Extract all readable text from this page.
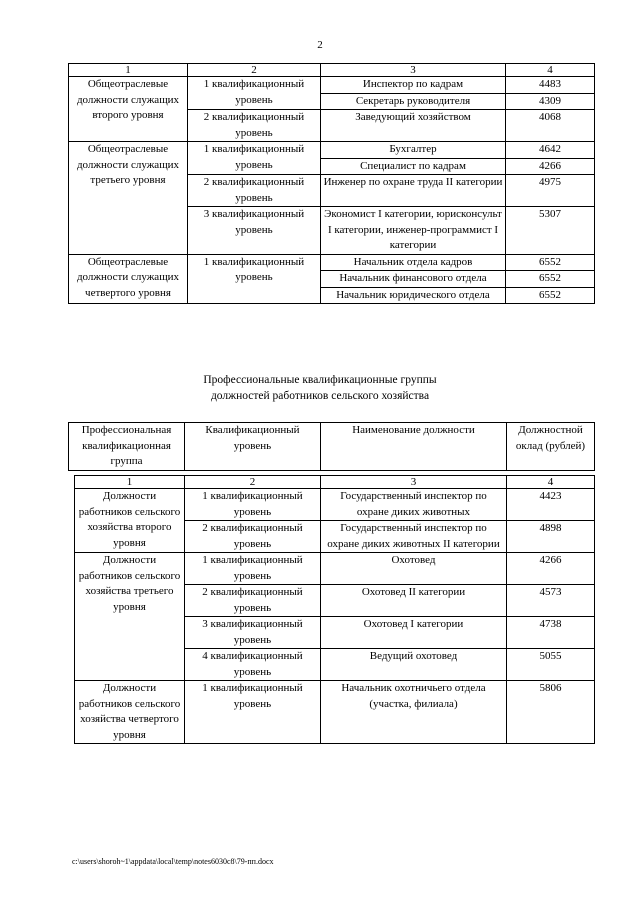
2
1	2	3	4
Общеотраслевые должности служащих второго уровня	1 квалификационный уровень	Инспектор по кадрам	4483
		Секретарь руководителя	4309
	2 квалификационный уровень	Заведующий хозяйством	4068
Общеотраслевые должности служащих третьего уровня	1 квалификационный уровень	Бухгалтер	4642
		Специалист по кадрам	4266
	2 квалификационный уровень	Инженер по охране труда II категории	4975
	3 квалификационный уровень	Экономист I категории, юрисконсульт I категории, инженер-программист I категории	5307
Общеотраслевые должности служащих четвертого уровня	1 квалификационный уровень	Начальник отдела кадров	6552
		Начальник финансового отдела	6552
		Начальник юридического отдела	6552
Профессиональные квалификационные группы
должностей работников сельского хозяйства
Профессиональная квалификационная группа	Квалификационный уровень	Наименование должности	Должностной оклад (рублей)
1	2	3	4
Должности работников сельского хозяйства второго уровня	1 квалификационный уровень	Государственный инспектор по охране диких животных	4423
	2 квалификационный уровень	Государственный инспектор по охране диких животных II категории	4898
Должности работников сельского хозяйства третьего уровня	1 квалификационный уровень	Охотовед	4266
	2 квалификационный уровень	Охотовед II категории	4573
	3 квалификационный уровень	Охотовед I категории	4738
	4 квалификационный уровень	Ведущий охотовед	5055
Должности работников сельского хозяйства четвертого уровня	1 квалификационный уровень	Начальник охотничьего отдела (участка, филиала)	5806
c:\users\shoroh~1\appdata\local\temp\notes6030c8\79-пп.docx
